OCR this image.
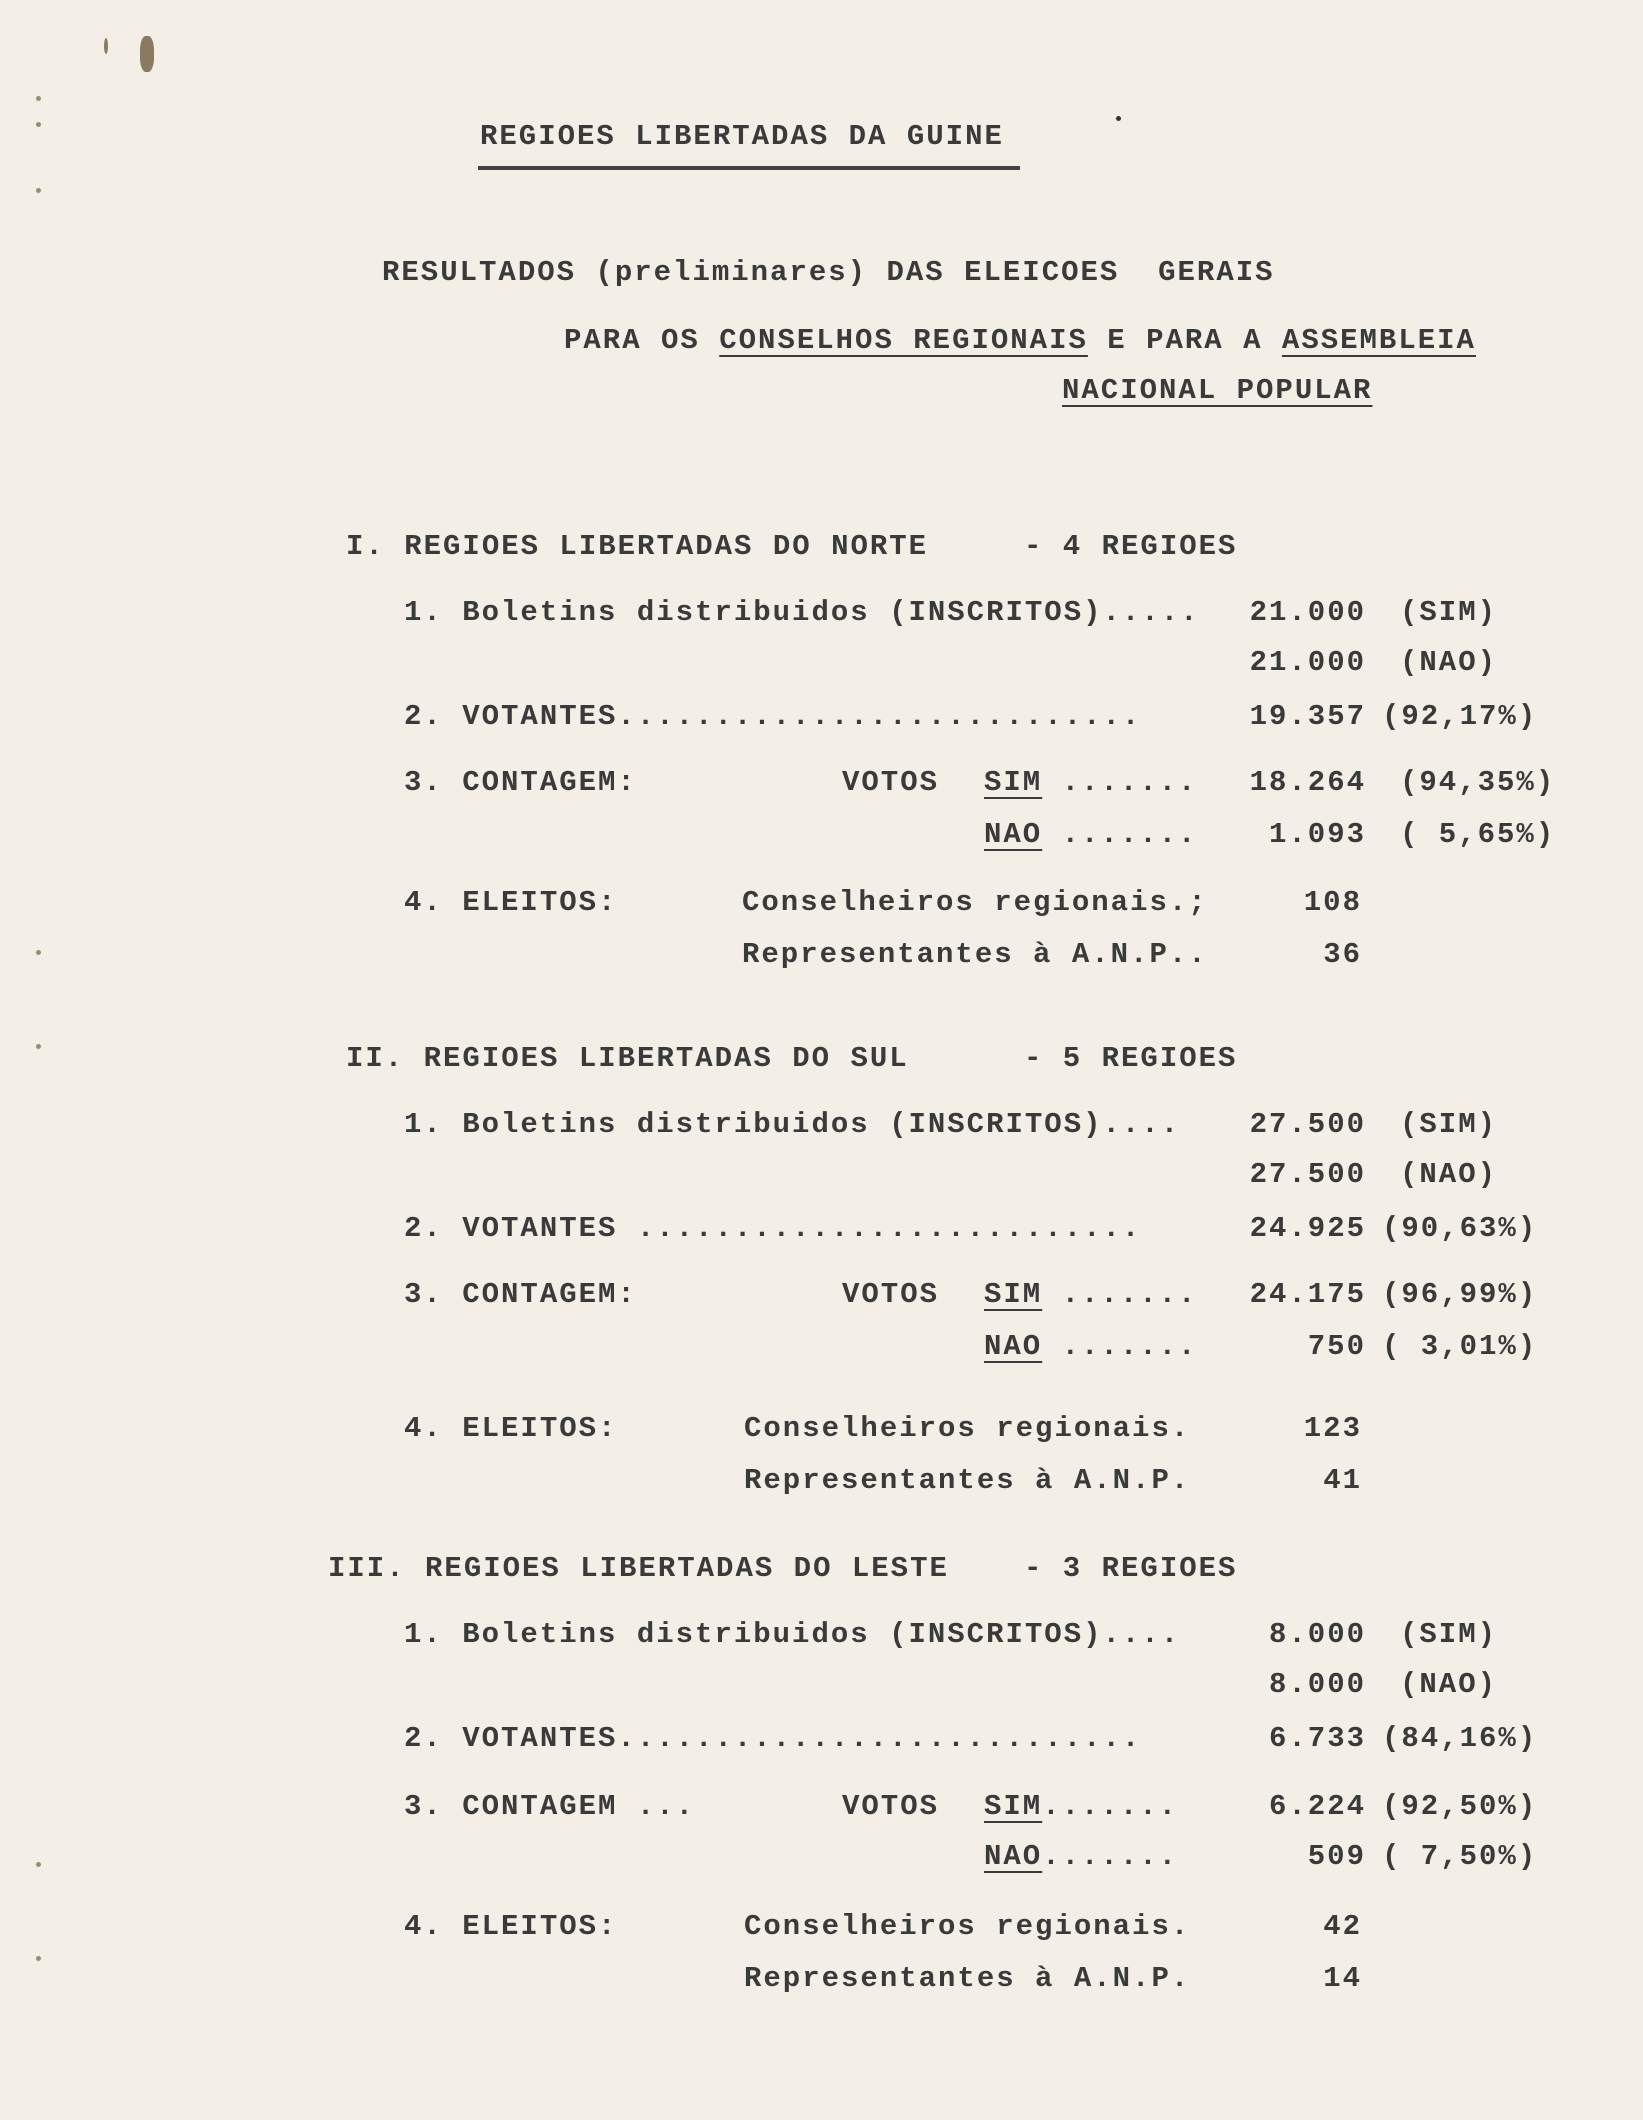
REGIOES LIBERTADAS DA GUINE
RESULTADOS (preliminares) DAS ELEICOES  GERAIS
PARA OS CONSELHOS REGIONAIS E PARA A ASSEMBLEIA
NACIONAL POPULAR
I. REGIOES LIBERTADAS DO NORTE	- 4 REGIOES
1. Boletins distribuidos (INSCRITOS).....	21.000 (SIM)
21.000 (NAO)
2. VOTANTES...........................	19.357 (92,17%)
3. CONTAGEM:	VOTOS SIM .......	18.264 (94,35%)
NAO .......	1.093 ( 5,65%)
4. ELEITOS:	Conselheiros regionais.;	108
Representantes à A.N.P..	36
II. REGIOES LIBERTADAS DO SUL	- 5 REGIOES
1. Boletins distribuidos (INSCRITOS)....	27.500 (SIM)
27.500 (NAO)
2. VOTANTES ..........................	24.925 (90,63%)
3. CONTAGEM:	VOTOS SIM .......	24.175 (96,99%)
NAO .......	750 ( 3,01%)
4. ELEITOS:	Conselheiros regionais.	123
Representantes à A.N.P.	41
III. REGIOES LIBERTADAS DO LESTE	- 3 REGIOES
1. Boletins distribuidos (INSCRITOS)....	8.000 (SIM)
8.000 (NAO)
2. VOTANTES...........................	6.733 (84,16%)
3. CONTAGEM ...	VOTOS SIM.......	6.224 (92,50%)
NAO.......	509 ( 7,50%)
4. ELEITOS:	Conselheiros regionais.	42
Representantes à A.N.P.	14
